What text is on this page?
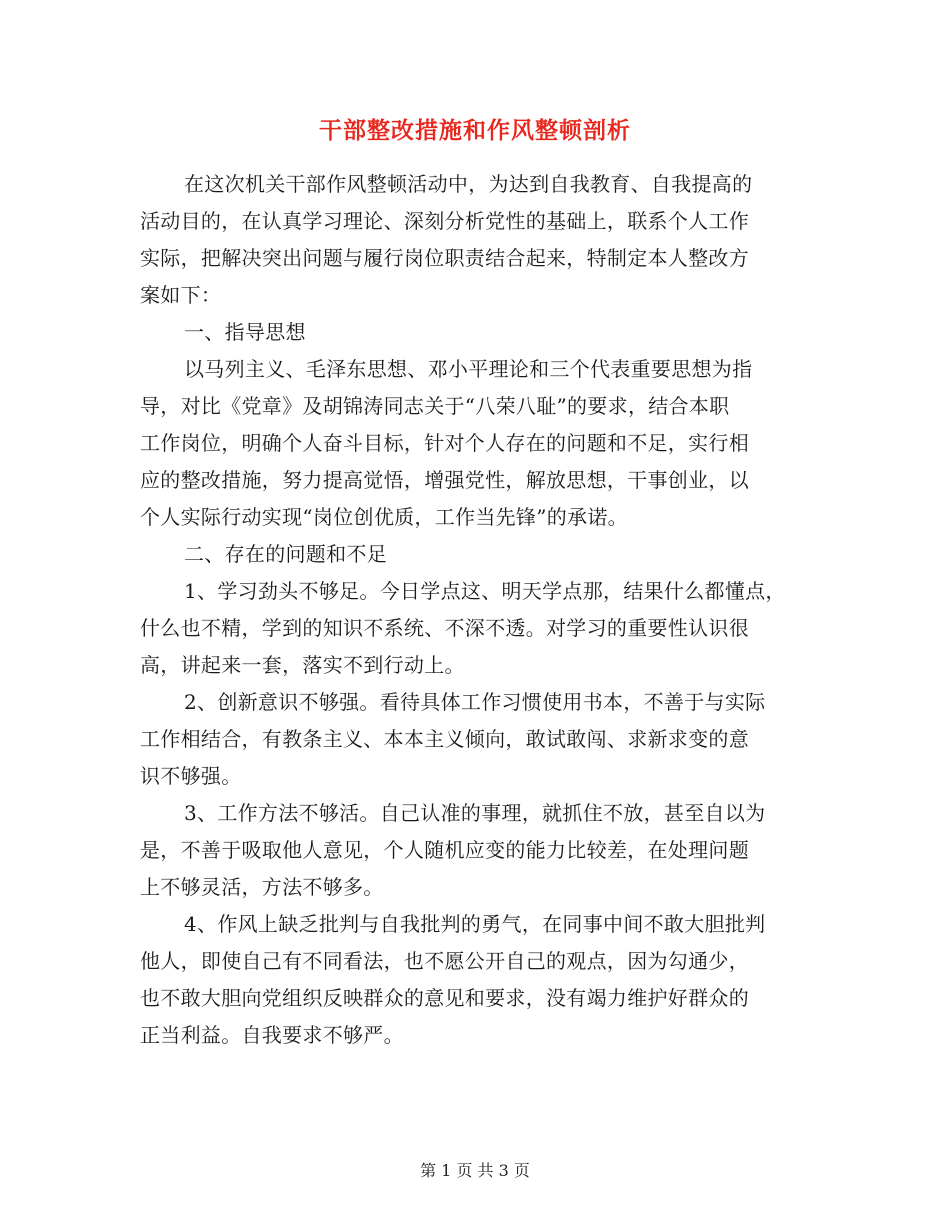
干部整改措施和作风整顿剖析
在这次机关干部作风整顿活动中，为达到自我教育、自我提高的
活动目的，在认真学习理论、深刻分析党性的基础上，联系个人工作
实际，把解决突出问题与履行岗位职责结合起来，特制定本人整改方
案如下：
一、指导思想
以马列主义、毛泽东思想、邓小平理论和三个代表重要思想为指
导，对比《党章》及胡锦涛同志关于“八荣八耻”的要求，结合本职
工作岗位，明确个人奋斗目标，针对个人存在的问题和不足，实行相
应的整改措施，努力提高觉悟，增强党性，解放思想，干事创业，以
个人实际行动实现“岗位创优质，工作当先锋”的承诺。
二、存在的问题和不足
1、学习劲头不够足。今日学点这、明天学点那，结果什么都懂点，
什么也不精，学到的知识不系统、不深不透。对学习的重要性认识很
高，讲起来一套，落实不到行动上。
2、创新意识不够强。看待具体工作习惯使用书本，不善于与实际
工作相结合，有教条主义、本本主义倾向，敢试敢闯、求新求变的意
识不够强。
3、工作方法不够活。自己认准的事理，就抓住不放，甚至自以为
是，不善于吸取他人意见，个人随机应变的能力比较差，在处理问题
上不够灵活，方法不够多。
4、作风上缺乏批判与自我批判的勇气，在同事中间不敢大胆批判
他人，即使自己有不同看法，也不愿公开自己的观点，因为勾通少，
也不敢大胆向党组织反映群众的意见和要求，没有竭力维护好群众的
正当利益。自我要求不够严。
第 1 页 共 3 页
